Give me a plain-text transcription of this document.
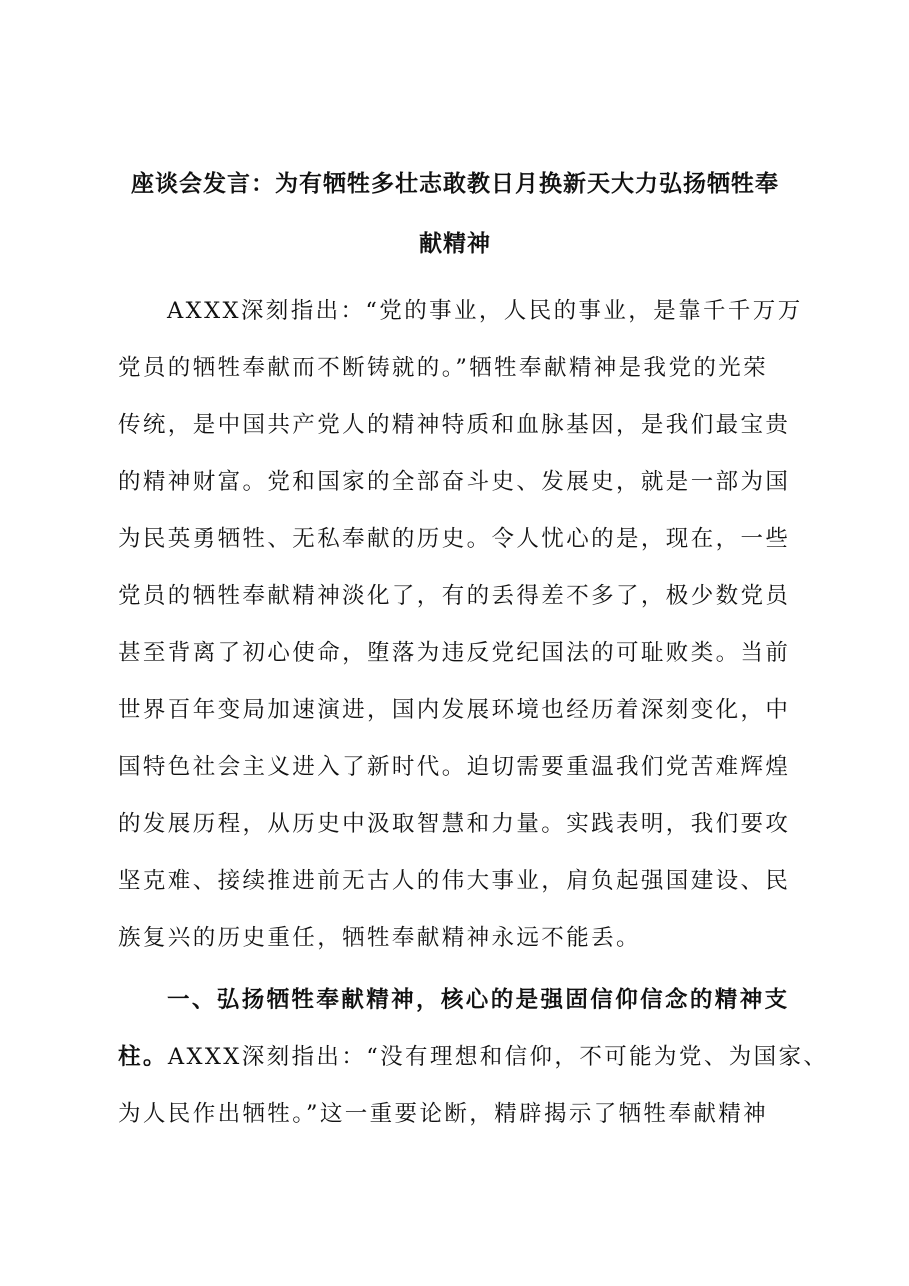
座谈会发言：为有牺牲多壮志敢教日月换新天大力弘扬牺牲奉
献精神
AXXX深刻指出：“党的事业，人民的事业，是靠千千万万
党员的牺牲奉献而不断铸就的。”牺牲奉献精神是我党的光荣
传统，是中国共产党人的精神特质和血脉基因，是我们最宝贵
的精神财富。党和国家的全部奋斗史、发展史，就是一部为国
为民英勇牺牲、无私奉献的历史。令人忧心的是，现在，一些
党员的牺牲奉献精神淡化了，有的丢得差不多了，极少数党员
甚至背离了初心使命，堕落为违反党纪国法的可耻败类。当前
世界百年变局加速演进，国内发展环境也经历着深刻变化，中
国特色社会主义进入了新时代。迫切需要重温我们党苦难辉煌
的发展历程，从历史中汲取智慧和力量。实践表明，我们要攻
坚克难、接续推进前无古人的伟大事业，肩负起强国建设、民
族复兴的历史重任，牺牲奉献精神永远不能丢。
一、弘扬牺牲奉献精神，核心的是强固信仰信念的精神支
柱。AXXX深刻指出：“没有理想和信仰，不可能为党、为国家、
为人民作出牺牲。”这一重要论断，精辟揭示了牺牲奉献精神
